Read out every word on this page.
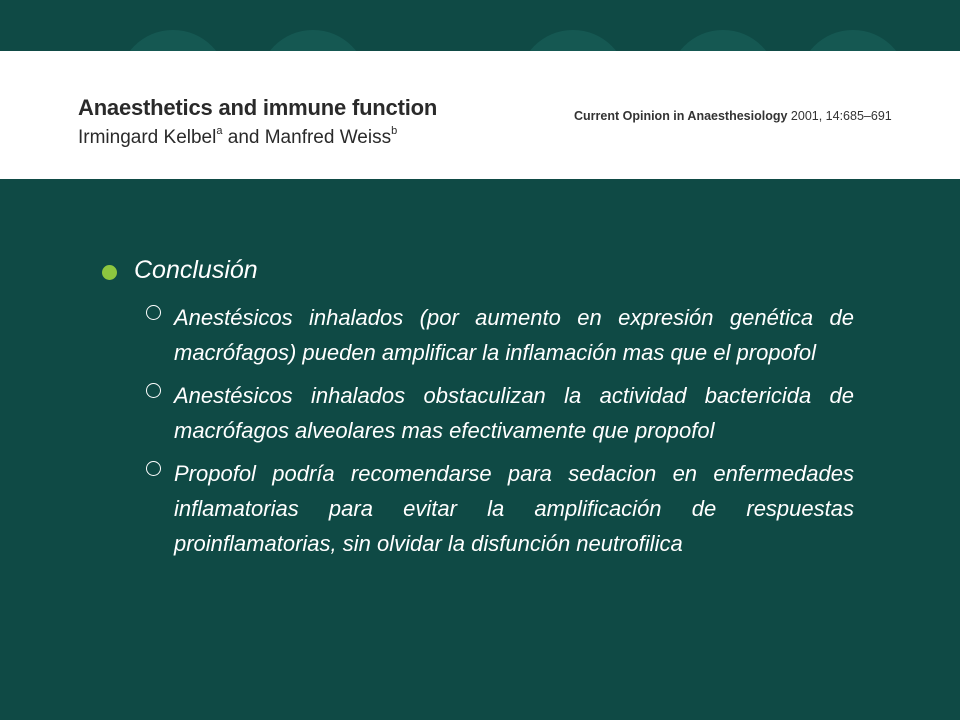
Anaesthetics and immune function
Irmingard Kelbel$^a$ and Manfred Weiss$^b$
Current Opinion in Anaesthesiology 2001, 14:685–691
Conclusión
Anestésicos inhalados (por aumento en expresión genética de macrófagos) pueden amplificar la inflamación mas que el propofol
Anestésicos inhalados obstaculizan la actividad bactericida de macrófagos alveolares mas efectivamente que propofol
Propofol podría recomendarse para sedacion en enfermedades inflamatorias para evitar la amplificación de respuestas proinflamatorias, sin olvidar la disfunción neutrofilica
